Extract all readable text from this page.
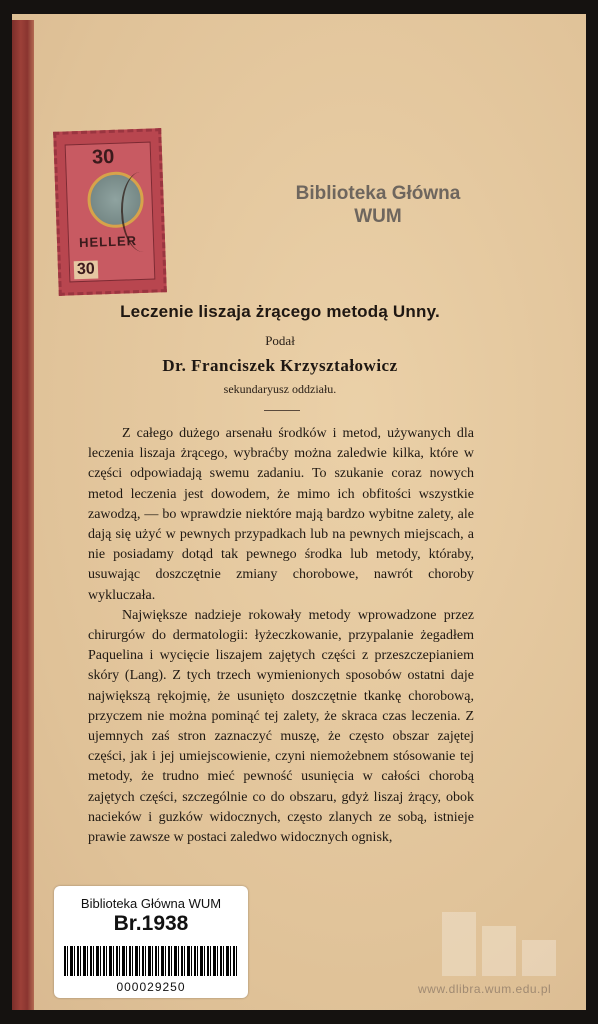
30
HELLER
30
Biblioteka Główna
WUM
Leczenie liszaja żrącego metodą Unny.
Podał
Dr. Franciszek Krzyształowicz
sekundaryusz oddziału.

Z całego dużego arsenału środków i metod, używanych dla leczenia liszaja żrącego, wybraćby można zaledwie kilka, które w części odpowiadają swemu zadaniu. To szukanie coraz nowych metod leczenia jest dowodem, że mimo ich obfitości wszystkie zawodzą, — bo wprawdzie niektóre mają bardzo wybitne zalety, ale dają się użyć w pewnych przypadkach lub na pewnych miejscach, a nie posiadamy dotąd tak pewnego środka lub metody, któraby, usuwając doszczętnie zmiany chorobowe, nawrót choroby wykluczała.

Największe nadzieje rokowały metody wprowadzone przez chirurgów do dermatologii: łyżeczkowanie, przypalanie żegadłem Paquelina i wycięcie liszajem zajętych części z przeszczepianiem skóry (Lang). Z tych trzech wymienionych sposobów ostatni daje największą rękojmię, że usunięto doszczętnie tkankę chorobową, przyczem nie można pominąć tej zalety, że skraca czas leczenia. Z ujemnych zaś stron zaznaczyć muszę, że często obszar zajętej części, jak i jej umiejscowienie, czyni niemożebnem stósowanie tej metody, że trudno mieć pewność usunięcia w całości chorobą zajętych części, szczególnie co do obszaru, gdyż liszaj żrący, obok nacieków i guzków widocznych, często zlanych ze sobą, istnieje prawie zawsze w postaci zaledwo widocznych ognisk,

Biblioteka Główna WUM
Br.1938
000029250	www.dlibra.wum.edu.pl
